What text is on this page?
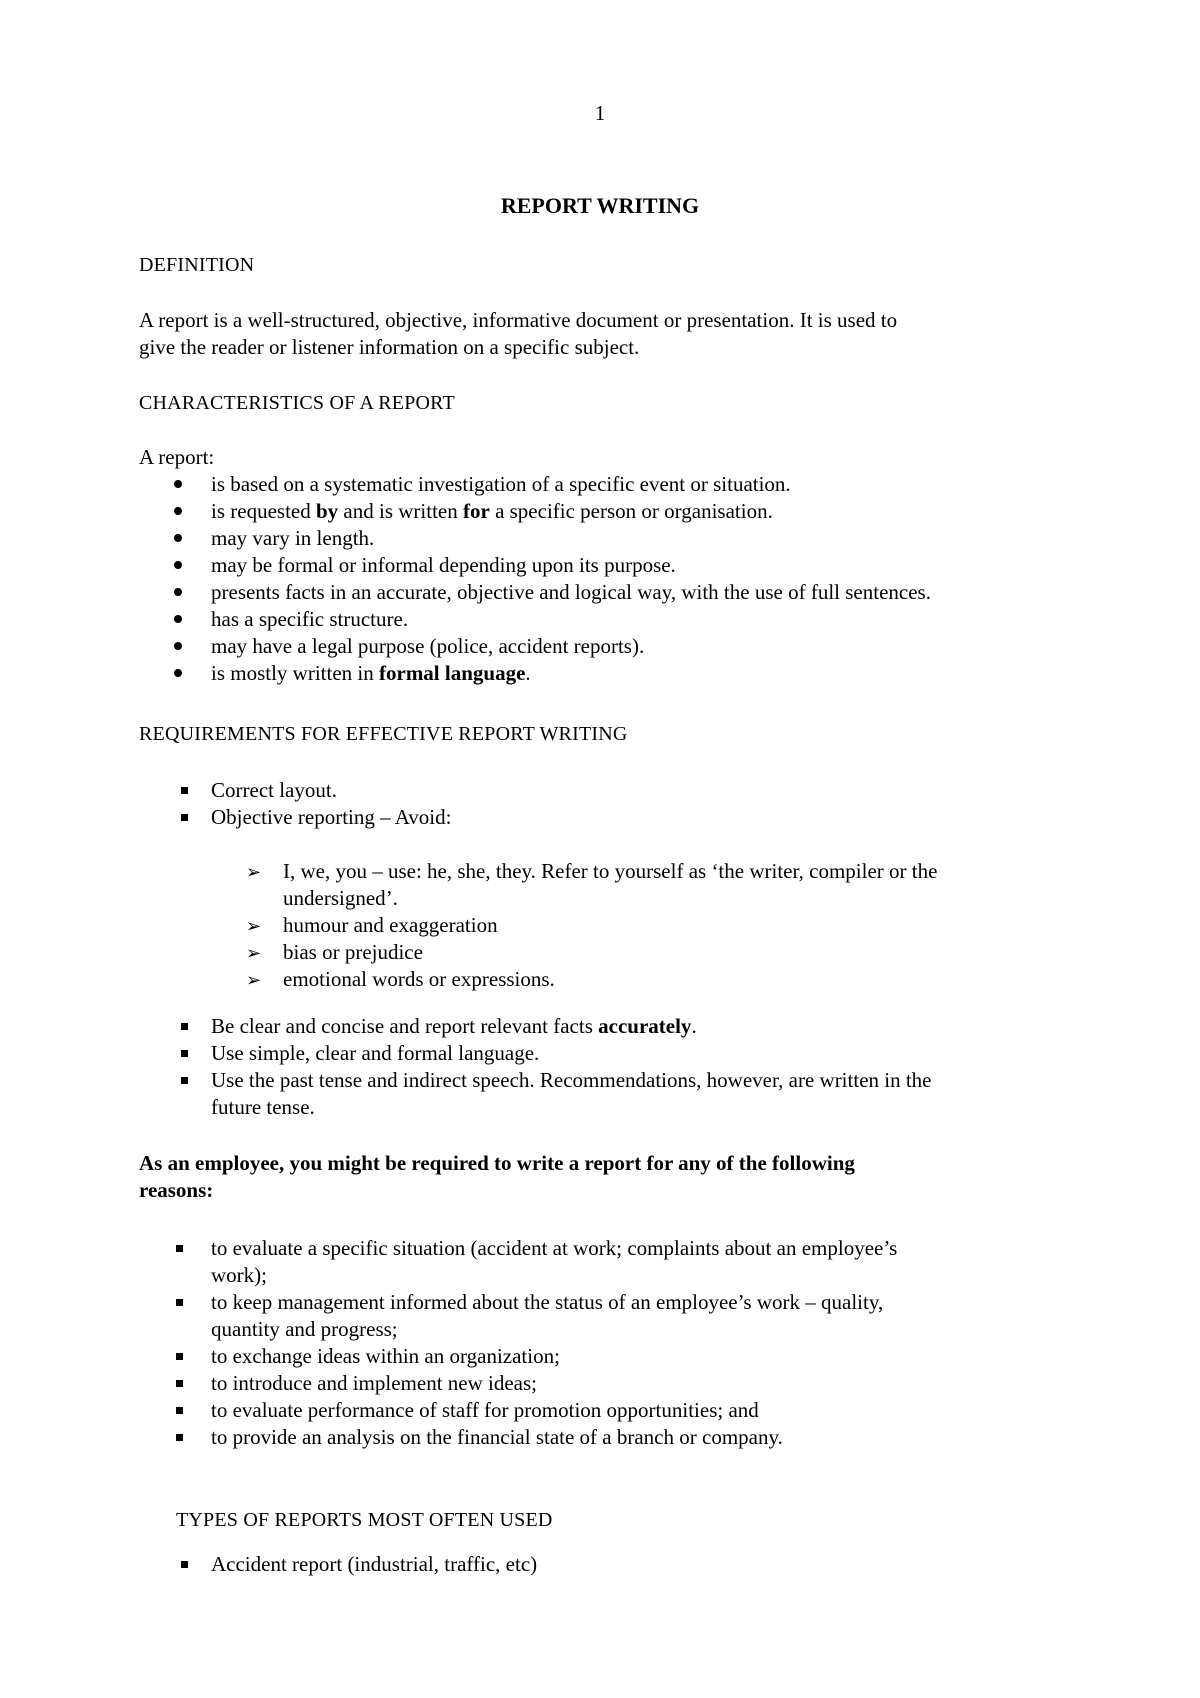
1
REPORT WRITING
DEFINITION
A report is a well-structured, objective, informative document or presentation. It is used to
give the reader or listener information on a specific subject.
CHARACTERISTICS OF A REPORT
A report:
is based on a systematic investigation of a specific event or situation.
is requested by and is written for a specific person or organisation.
may vary in length.
may be formal or informal depending upon its purpose.
presents facts in an accurate, objective and logical way, with the use of full sentences.
has a specific structure.
may have a legal purpose (police, accident reports).
is mostly written in formal language.
REQUIREMENTS FOR EFFECTIVE REPORT WRITING
Correct layout.
Objective reporting – Avoid:
➢	I, we, you – use: he, she, they. Refer to yourself as ‘the writer, compiler or the
undersigned’.
➢	humour and exaggeration
➢	bias or prejudice
➢	emotional words or expressions.
Be clear and concise and report relevant facts accurately.
Use simple, clear and formal language.
Use the past tense and indirect speech. Recommendations, however, are written in the
future tense.
As an employee, you might be required to write a report for any of the following
reasons:
to evaluate a specific situation (accident at work; complaints about an employee’s
work);
to keep management informed about the status of an employee’s work – quality,
quantity and progress;
to exchange ideas within an organization;
to introduce and implement new ideas;
to evaluate performance of staff for promotion opportunities; and
to provide an analysis on the financial state of a branch or company.
TYPES OF REPORTS MOST OFTEN USED
Accident report (industrial, traffic, etc)
